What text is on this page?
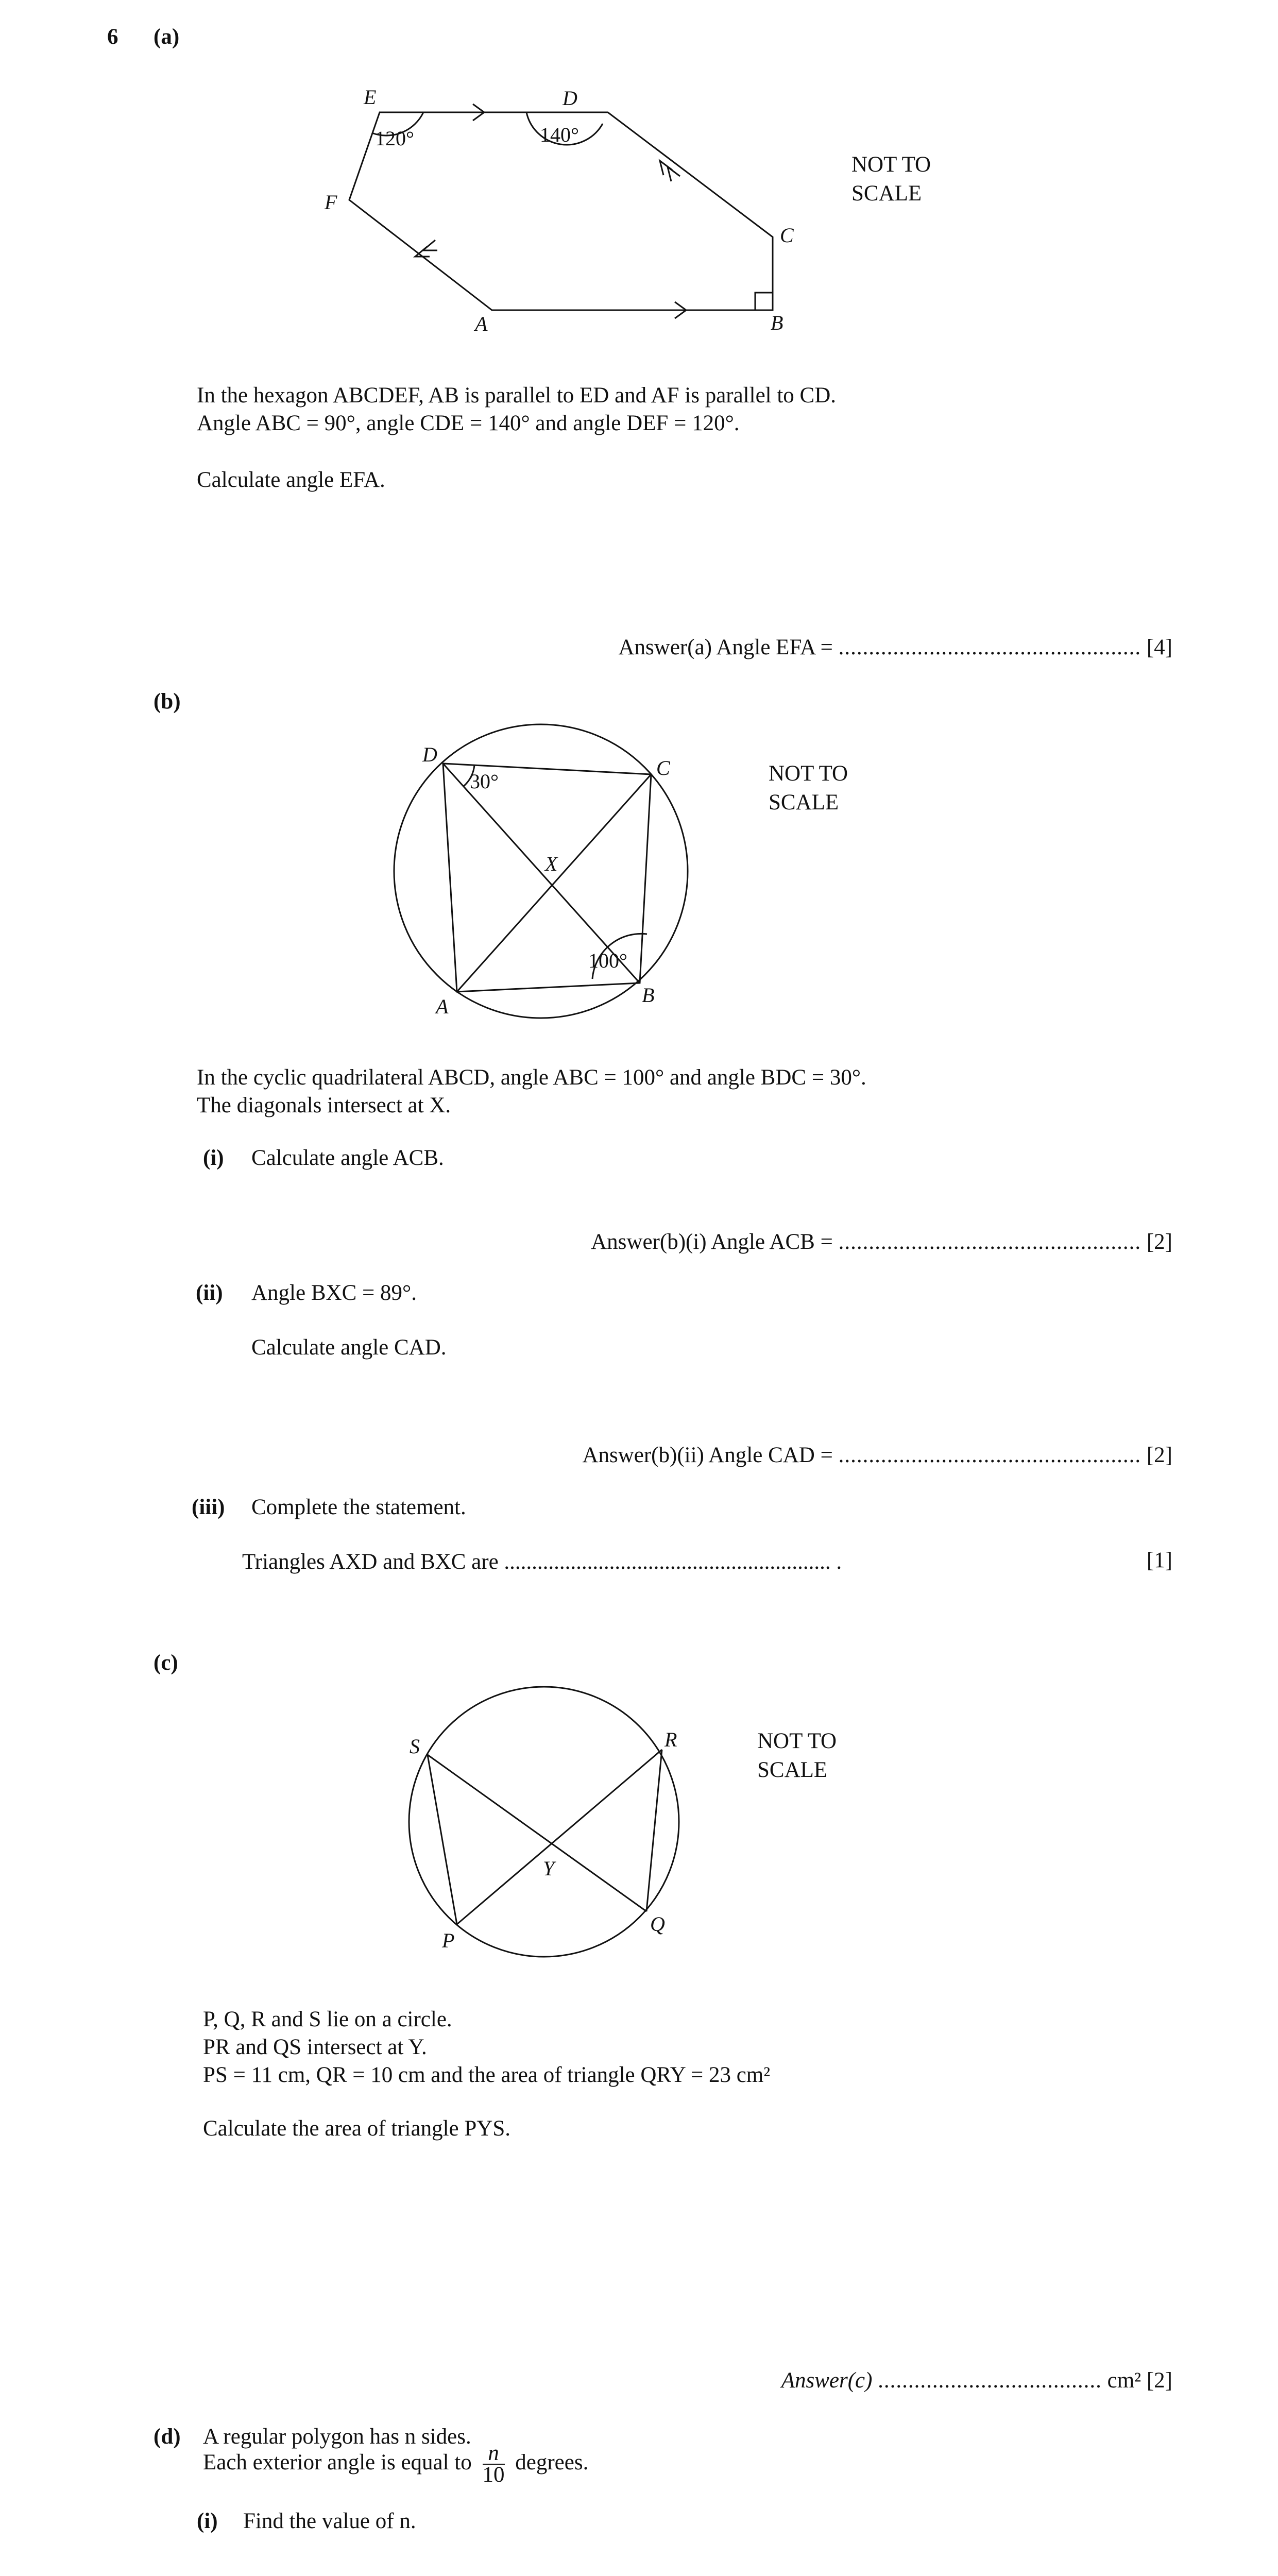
6 (a)
E	D
C
B
A
F
120°	140°
NOT TO
SCALE
In the hexagon ABCDEF, AB is parallel to ED and AF is parallel to CD.
Angle ABC = 90°, angle CDE = 140° and angle DEF = 120°.
Calculate angle EFA.
Answer(a) Angle EFA = .................................................. [4]
(b)
D
C
B
A
X
30°
100°
NOT TO
SCALE
In the cyclic quadrilateral ABCD, angle ABC = 100° and angle BDC = 30°.
The diagonals intersect at X.
(i) Calculate angle ACB.
Answer(b)(i) Angle ACB = .................................................. [2]
(ii) Angle BXC = 89°.
Calculate angle CAD.
Answer(b)(ii) Angle CAD = .................................................. [2]
(iii) Complete the statement.
Triangles AXD and BXC are ........................................................... .	[1]
(c)
S	R
Q
P
Y
NOT TO
SCALE
P, Q, R and S lie on a circle.
PR and QS intersect at Y.
PS = 11 cm, QR = 10 cm and the area of triangle QRY = 23 cm²
Calculate the area of triangle PYS.
Answer(c) ..................................... cm² [2]
(d) A regular polygon has n sides.
Each exterior angle is equal to $\frac{n}{10}$ degrees.
(i) Find the value of n.
